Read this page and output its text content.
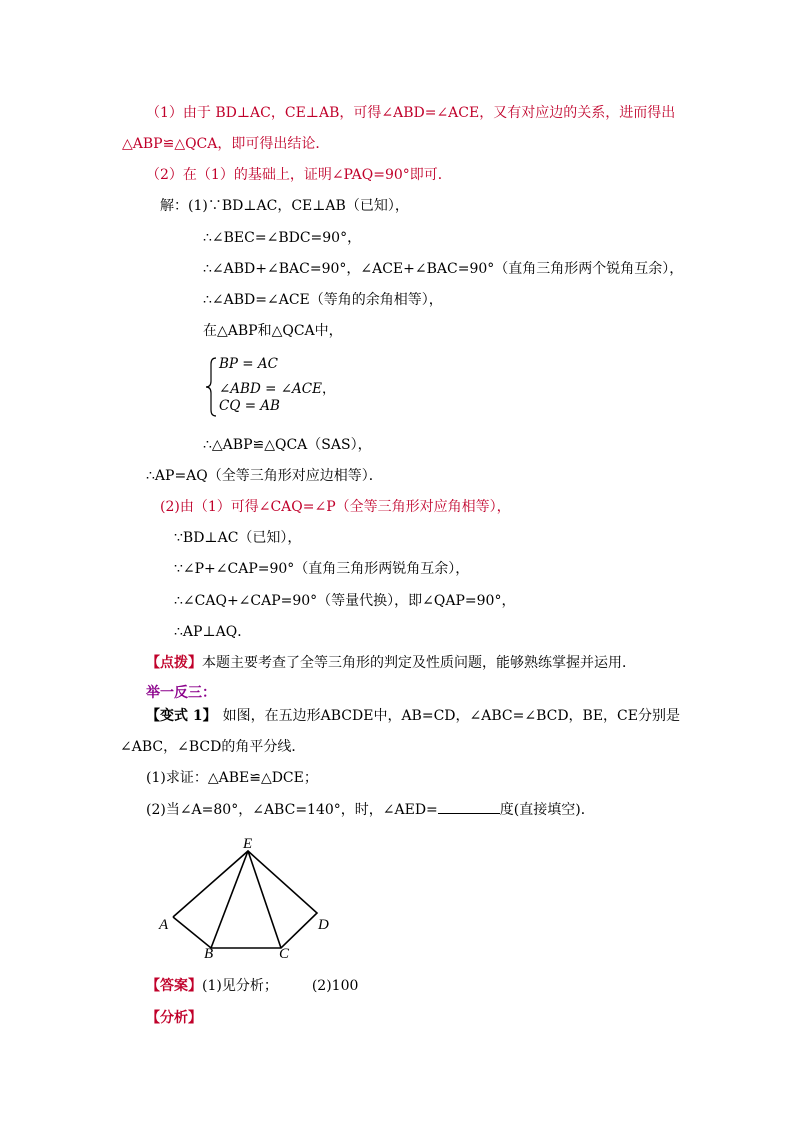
（1）由于 BD⊥AC，CE⊥AB，可得∠ABD=∠ACE，又有对应边的关系，进而得出
△ABP≌△QCA，即可得出结论．
（2）在（1）的基础上，证明∠PAQ=90°即可．
解：(1)∵BD⊥AC，CE⊥AB（已知），
∴∠BEC=∠BDC=90°，
∴∠ABD+∠BAC=90°，∠ACE+∠BAC=90°（直角三角形两个锐角互余），
∴∠ABD=∠ACE（等角的余角相等），
在△ABP和△QCA中，
BP = AC
∠ABD = ∠ACE，
CQ = AB
∴△ABP≌△QCA（SAS），
∴AP=AQ（全等三角形对应边相等）．
(2)由（1）可得∠CAQ=∠P（全等三角形对应角相等），
∵BD⊥AC（已知），
∵∠P+∠CAP=90°（直角三角形两锐角互余），
∴∠CAQ+∠CAP=90°（等量代换），即∠QAP=90°，
∴AP⊥AQ．
【点拨】本题主要考查了全等三角形的判定及性质问题，能够熟练掌握并运用．
举一反三：
【变式 1】 如图，在五边形ABCDE中，AB=CD，∠ABC=∠BCD，BE，CE分别是
∠ABC，∠BCD的角平分线．
(1)求证：△ABE≌△DCE；
(2)当∠A=80°，∠ABC=140°，时，∠AED=	度(直接填空)．
E
A
B	C
D
【答案】(1)见分析； (2)100
【分析】
